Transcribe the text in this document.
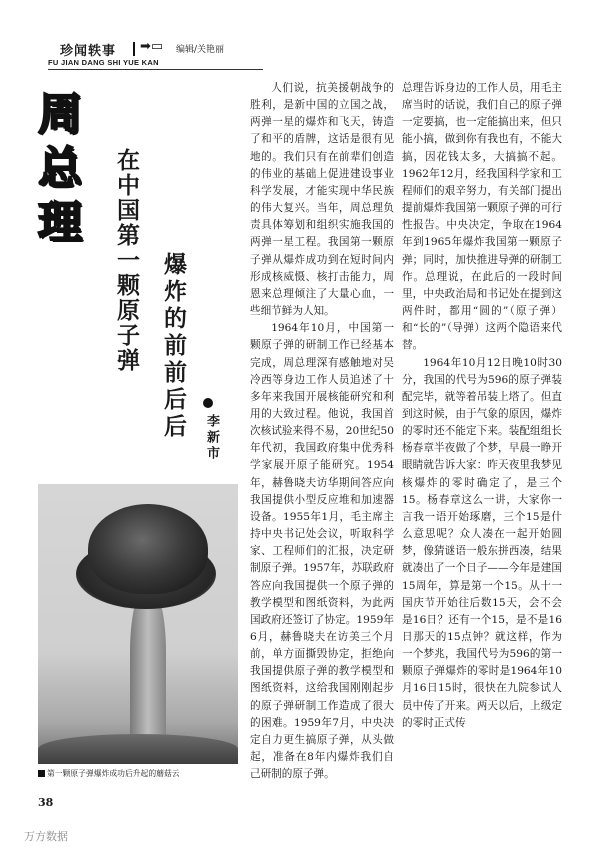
珍闻轶事 ➡▭ 编辑/关艳丽
FU JIAN DANG SHI YUE KAN
周
总
理	在中国第一颗原子弹 爆炸的前前后后	李新市
第一颗原子弹爆炸成功后升起的蘑菇云

人们说，抗美援朝战争的胜利，是新中国的立国之战，两弹一星的爆炸和飞天，铸造了和平的盾牌，这话是很有见地的。我们只有在前辈们创造的伟业的基础上促进建设事业科学发展，才能实现中华民族的伟大复兴。当年，周总理负责具体筹划和组织实施我国的两弹一星工程。我国第一颗原子弹从爆炸成功到在短时间内形成核威慑、核打击能力，周恩来总理倾注了大量心血，一些细节鲜为人知。

1964年10月，中国第一颗原子弹的研制工作已经基本完成，周总理深有感触地对吴冷西等身边工作人员追述了十多年来我国开展核能研究和利用的大致过程。他说，我国首次核试验来得不易，20世纪50年代初，我国政府集中优秀科学家展开原子能研究。1954年，赫鲁晓夫访华期间答应向我国提供小型反应堆和加速器设备。1955年1月，毛主席主持中央书记处会议，听取科学家、工程师们的汇报，决定研制原子弹。1957年，苏联政府答应向我国提供一个原子弹的教学模型和图纸资料，为此两国政府还签订了协定。1959年6月，赫鲁晓夫在访美三个月前，单方面撕毁协定，拒绝向我国提供原子弹的教学模型和图纸资料，这给我国刚刚起步的原子弹研制工作造成了很大的困难。1959年7月，中央决定自力更生搞原子弹，从头做起，准备在8年内爆炸我们自己研制的原子弹。

总理告诉身边的工作人员，用毛主席当时的话说，我们自己的原子弹一定要搞，也一定能搞出来，但只能小搞，做到你有我也有，不能大搞，因花钱太多，大搞搞不起。1962年12月，经我国科学家和工程师们的艰辛努力，有关部门提出提前爆炸我国第一颗原子弹的可行性报告。中央决定，争取在1964年到1965年爆炸我国第一颗原子弹；同时，加快推进导弹的研制工作。总理说，在此后的一段时间里，中央政治局和书记处在提到这两件时，都用“圆的”（原子弹）和“长的”（导弹）这两个隐语来代替。

1964年10月12日晚10时30分，我国的代号为596的原子弹装配完毕，就等着吊装上塔了。但直到这时候，由于气象的原因，爆炸的零时还不能定下来。装配组组长杨春章半夜做了个梦，早晨一睁开眼睛就告诉大家：昨天夜里我梦见核爆炸的零时确定了，是三个15。杨春章这么一讲，大家你一言我一语开始琢磨，三个15是什么意思呢？众人凑在一起开始圆梦，像猜谜语一般东拼西凑，结果就凑出了一个日子——今年是建国15周年，算是第一个15。从十一国庆节开始往后数15天，会不会是16日？还有一个15，是不是16日那天的15点钟？就这样，作为一个梦兆，我国代号为596的第一颗原子弹爆炸的零时是1964年10月16日15时，很快在九院参试人员中传了开来。两天以后，上级定的零时正式传

38
万方数据
